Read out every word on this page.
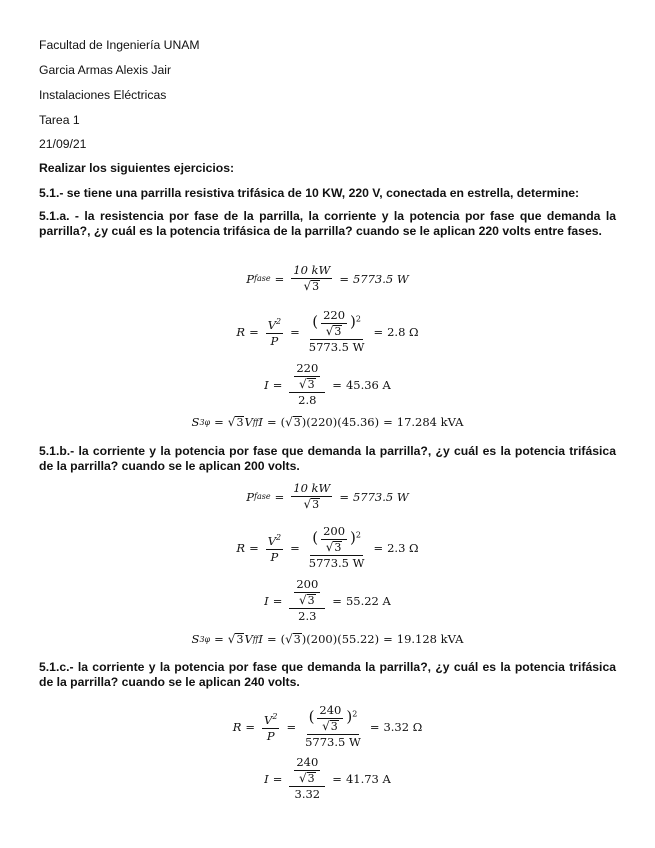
Facultad de Ingeniería UNAM
Garcia Armas Alexis Jair
Instalaciones Eléctricas
Tarea 1
21/09/21
Realizar los siguientes ejercicios:
5.1.- se tiene una parrilla resistiva trifásica de 10 KW, 220 V, conectada en estrella, determine:
5.1.a. - la resistencia por fase de la parrilla, la corriente y la potencia por fase que demanda la parrilla?, ¿y cuál es la potencia trifásica de la parrilla? cuando se le aplican 220 volts entre fases.
P fase = $\frac{10 kW}{√ 3} = 5773.5$ W
$R = \frac{V^2}{P} = \frac{( \frac{220}{√ 3} )^2}{5773.5 W} = 2.8$ Ω
$I = \frac{\frac{220}{√ 3}}{2.8} = 45.36$ A
S 3φ = √ 3 V ff I = ( √ 3 ) (220) (45.36) = 17.284 kVA
5.1.b.- la corriente y la potencia por fase que demanda la parrilla?, ¿y cuál es la potencia trifásica de la parrilla? cuando se le aplican 200 volts.
P fase = $\frac{10 kW}{√ 3} = 5773.5$ W
$R = \frac{V^2}{P} = \frac{( \frac{200}{√ 3} )^2}{5773.5 W} = 2.3$ Ω
$I = \frac{\frac{200}{√ 3}}{2.3} = 55.22$ A
S 3φ = √ 3 V ff I = ( √ 3 ) (200) (55.22) = 19.128 kVA
5.1.c.- la corriente y la potencia por fase que demanda la parrilla?, ¿y cuál es la potencia trifásica de la parrilla? cuando se le aplican 240 volts.
$R = \frac{V^2}{P} = \frac{( \frac{240}{√ 3} )^2}{5773.5 W} = 3.32$ Ω
$I = \frac{\frac{240}{√ 3}}{3.32} = 41.73$ A
